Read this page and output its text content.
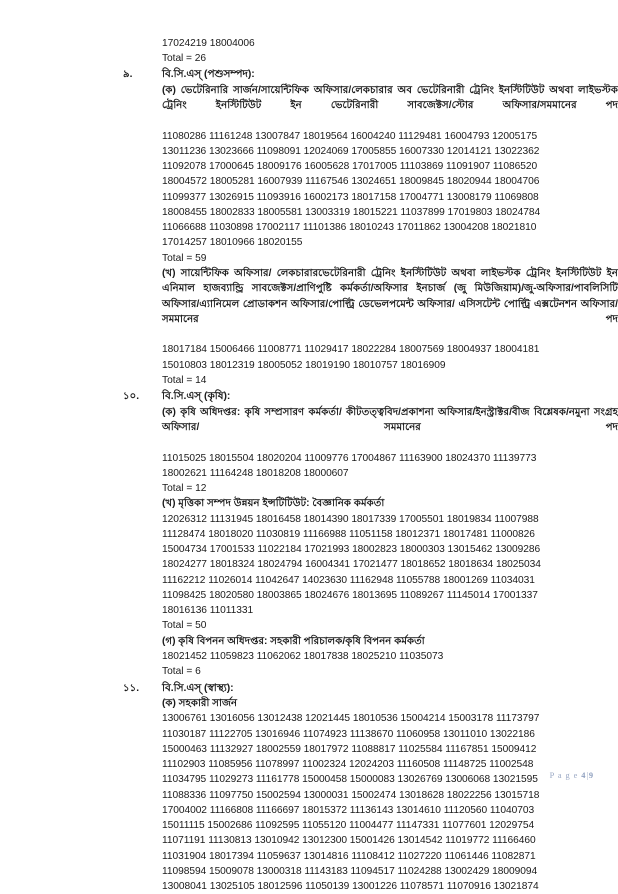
17024219 18004006
Total = 26
৯.	বি.সি.এস্ (পশুসম্পদ):
(ক) ভেটেরিনারি সার্জন/সায়েন্টিফিক অফিসার/লেকচারার অব ভেটেরিনারী ট্রেনিং ইনস্টিটিউট অথবা লাইভস্টক ট্রেনিং ইনস্টিটিউট ইন ভেটেরিনারী সাবজেক্টস/স্টোর অফিসার/সমমানের পদ
11080286 11161248 13007847 18019564 16004240 11129481 16004793 12005175
13011236 13023666 11098091 12024069 17005855 16007330 12014121 13022362
11092078 17000645 18009176 16005628 17017005 11103869 11091907 11086520
18004572 18005281 16007939 11167546 13024651 18009845 18020944 18004706
11099377 13026915 11093916 16002173 18017158 17004771 13008179 11069808
18008455 18002833 18005581 13003319 18015221 11037899 17019803 18024784
11066688 11030898 17002117 11101386 18010243 17011862 13004208 18021810
17014257 18010966 18020155
Total = 59
(খ) সায়েন্টিফিক অফিসার/ লেকচারারভেটেরিনারী ট্রেনিং ইনস্টিটিউট অথবা লাইভস্টক ট্রেনিং ইনস্টিটিউট ইন এনিমাল হাজব্যান্ড্রি সাবজেক্টস/প্রাণিপুষ্টি কর্মকর্তা/অফিসার ইনচার্জ (জু মিউজিয়াম)/জু-অফিসার/পাবলিসিটি অফিসার/এ্যানিমেল প্রোডাকশন অফিসার/পোল্ট্রি ডেভেলপমেন্ট অফিসার/ এসিসটেন্ট পোল্ট্রি এক্সটেনশন অফিসার/ সমমানের পদ
18017184 15006466 11008771 11029417 18022284 18007569 18004937 18004181
15010803 18012319 18005052 18019190 18010757 18016909
Total = 14
১০.	বি.সি.এস্ (কৃষি):
(ক) কৃষি অধিদপ্তর: কৃষি সম্প্রসারণ কর্মকর্তা/ কীটতত্ত্ববিদ/প্রকাশনা অফিসার/ইনস্ট্রাক্টর/বীজ বিশ্লেষক/নমুনা সংগ্রহ অফিসার/ সমমানের পদ
11015025 18015504 18020204 11009776 17004867 11163900 18024370 11139773
18002621 11164248 18018208 18000607
Total = 12
(খ) মৃত্তিকা সম্পদ উন্নয়ন ইন্সটিটিউট: বৈজ্ঞানিক কর্মকর্তা
12026312 11131945 18016458 18014390 18017339 17005501 18019834 11007988
11128474 18018020 11030819 11166988 11051158 18012371 18017481 11000826
15004734 17001533 11022184 17021993 18002823 18000303 13015462 13009286
18024277 18018324 18024794 16004341 17021477 18018652 18018634 18025034
11162212 11026014 11042647 14023630 11162948 11055788 18001269 11034031
11098425 18020580 18003865 18024676 18013695 11089267 11145014 17001337
18016136 11011331
Total = 50
(গ) কৃষি বিপনন অধিদপ্তর: সহকারী পরিচালক/কৃষি বিপনন কর্মকর্তা
18021452 11059823 11062062 18017838 18025210 11035073
Total = 6
১১.	বি.সি.এস্ (স্বাস্থ্য):
(ক) সহকারী সার্জন
13006761 13016056 13012438 12021445 18010536 15004214 15003178 11173797
11030187 11122705 13016946 11074923 11138670 11060958 13011010 13022186
15000463 11132927 18002559 18017972 11088817 11025584 11167851 15009412
11102903 11085956 11078997 11002324 12024203 11160508 11148725 11002548
11034795 11029273 11161778 15000458 15000083 13026769 13006068 13021595
11088336 11097750 15002594 13000031 15002474 13018628 18022256 13015718
17004002 11166808 11166697 18015372 11136143 13014610 11120560 11040703
15011115 15002686 11092595 11055120 11004477 11147331 11077601 12029754
11071191 11130813 13010942 13012300 15001426 13014542 11019772 11166460
11031904 18017394 11059637 13014816 11108412 11027220 11061446 11082871
11098594 15009078 13000318 11143183 11094517 11024288 13002429 18009094
13008041 13025105 18012596 11050139 13001226 11078571 11070916 13021874
P a g e 4|9
